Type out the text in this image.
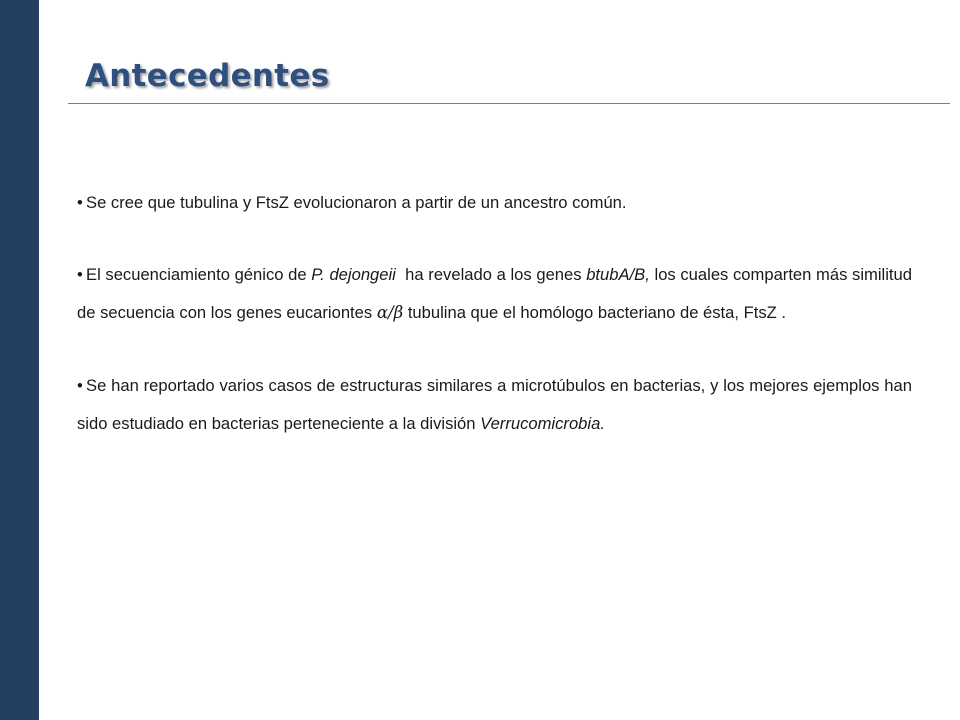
Antecedentes

• Se cree que tubulina y FtsZ evolucionaron a partir de un ancestro común.

• El secuenciamiento génico de P. dejongeii  ha revelado a los genes btubA/B, los cuales comparten más similitud de secuencia con los genes eucariontes α/β tubulina que el homólogo bacteriano de ésta, FtsZ .

• Se han reportado varios casos de estructuras similares a microtúbulos en bacterias, y los mejores ejemplos han sido estudiado en bacterias perteneciente a la división Verrucomicrobia.
